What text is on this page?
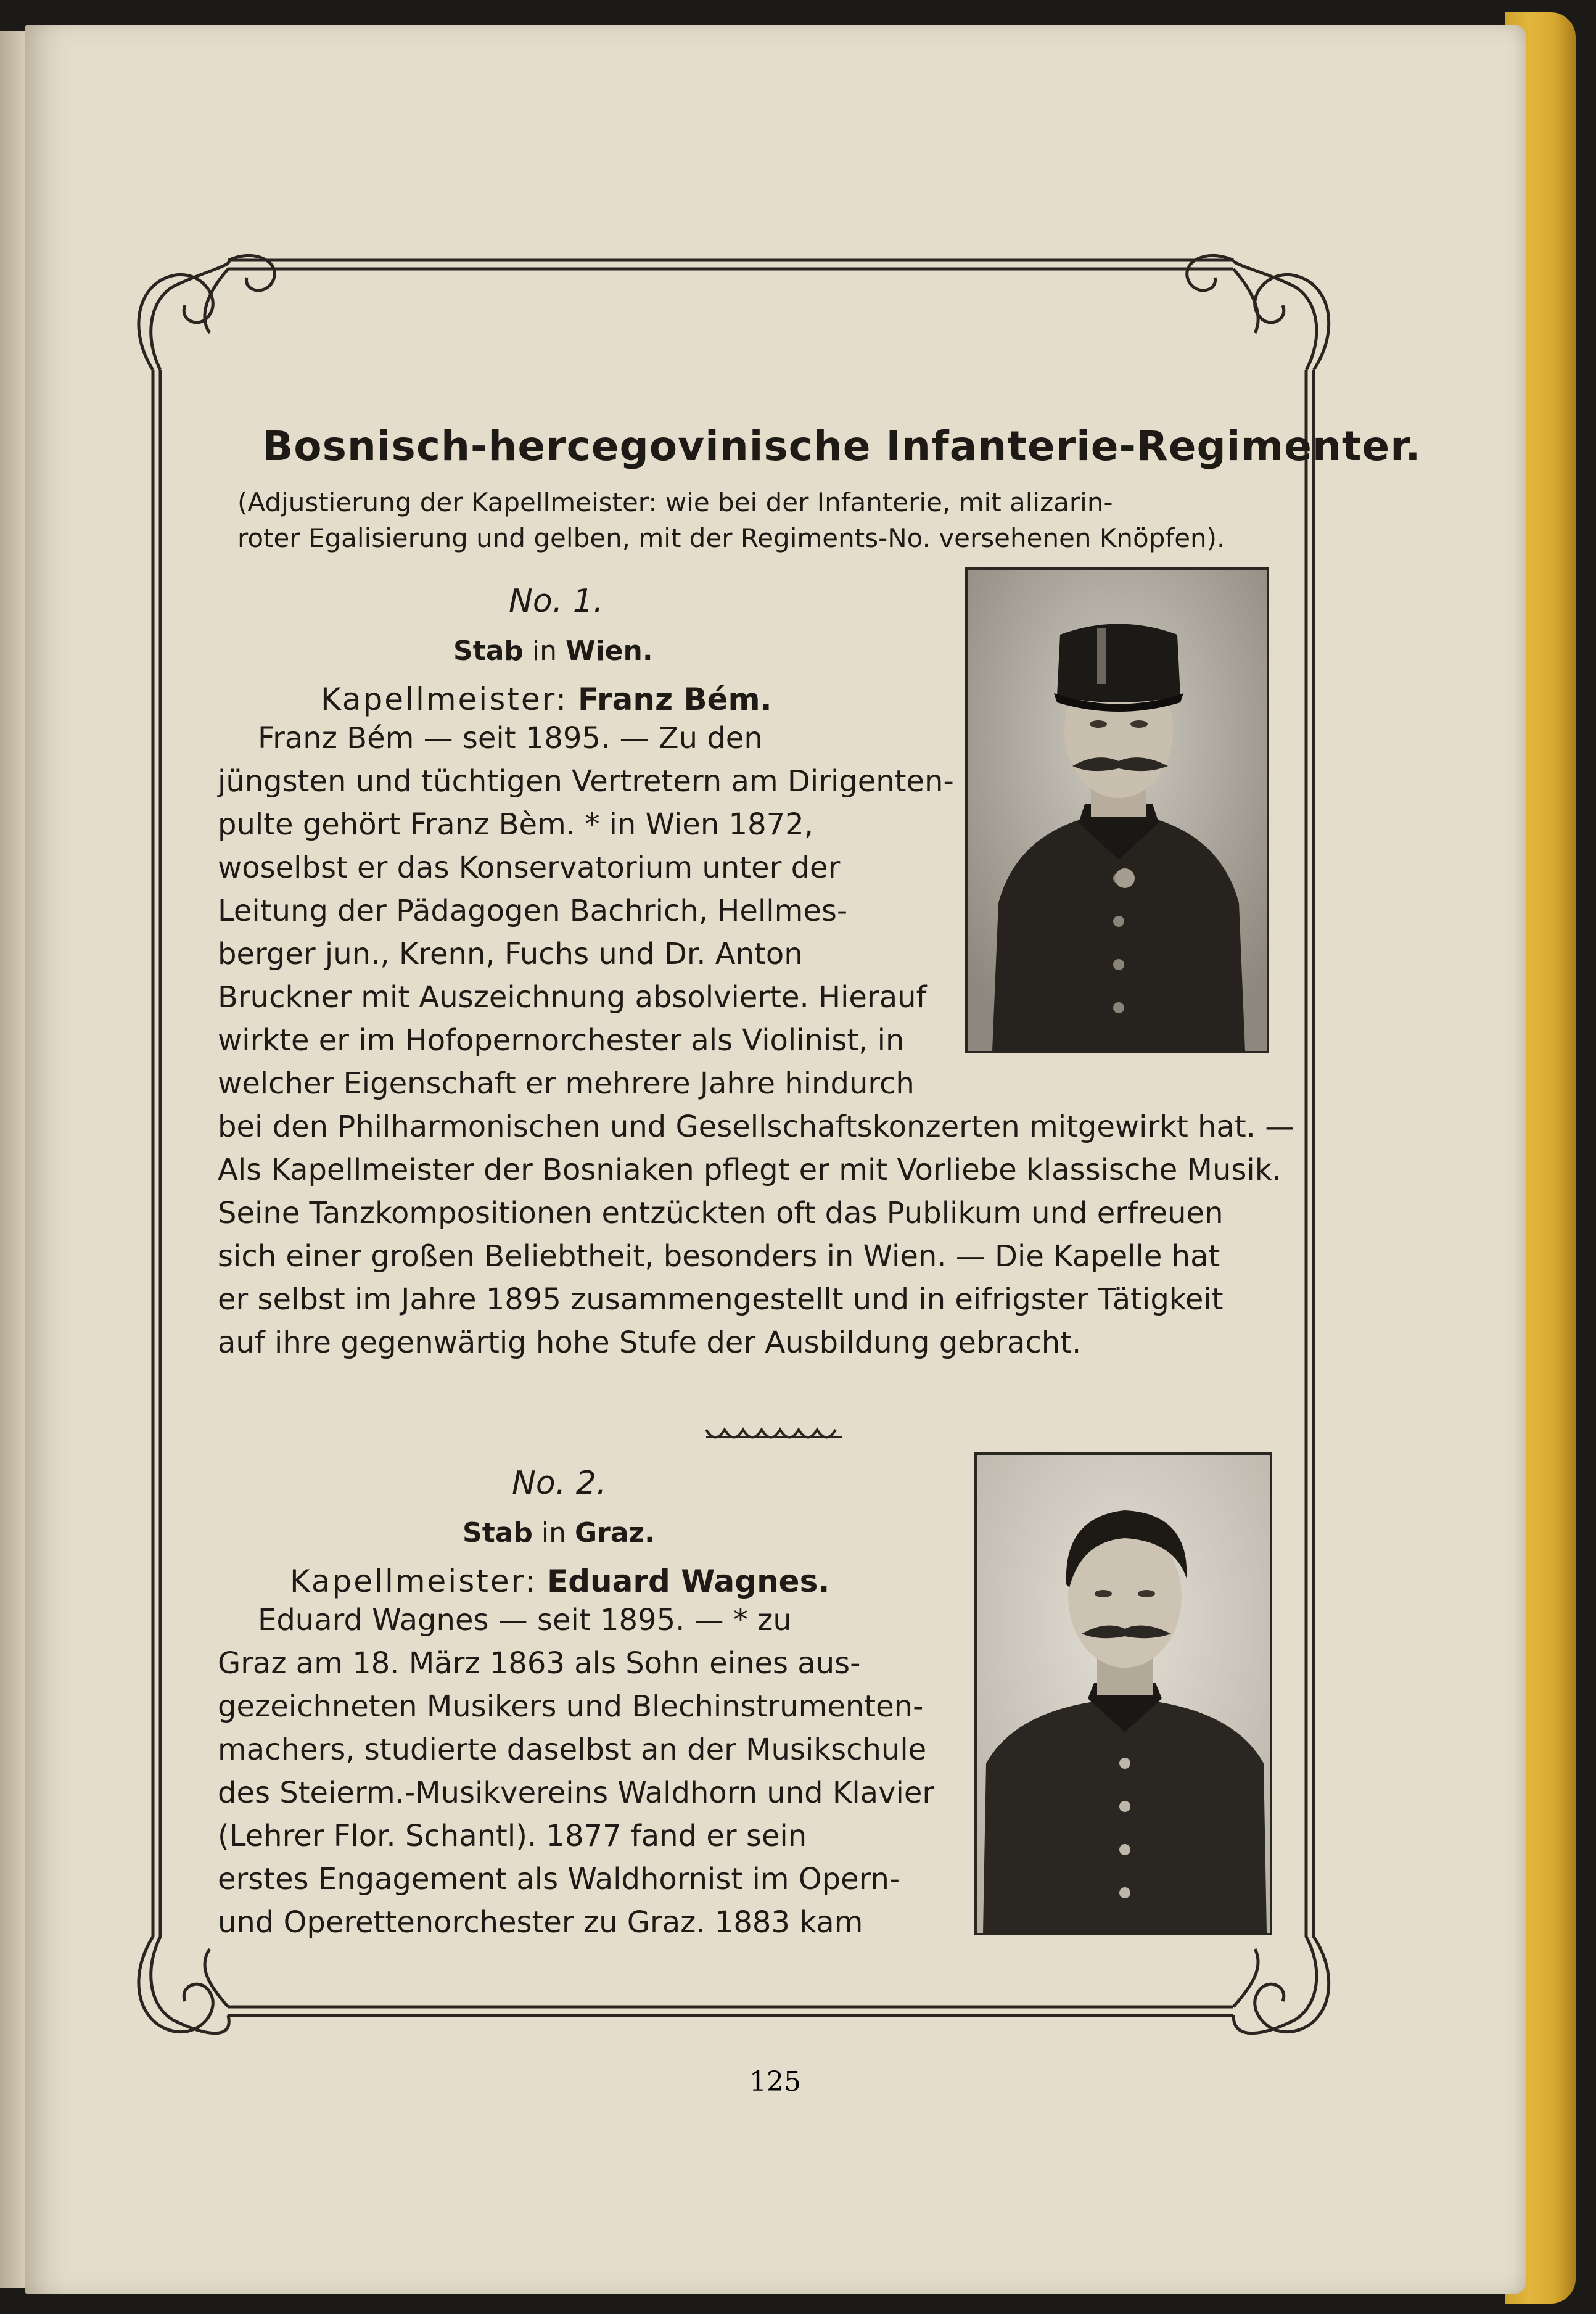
Bosnisch-hercegovinische Infanterie-Regimenter.
(Adjustierung der Kapellmeister: wie bei der Infanterie, mit alizarin-
roter Egalisierung und gelben, mit der Regiments-No. versehenen Knöpfen).
No. 1.
Stab in Wien.
Kapellmeister: Franz Bém.
Franz Bém — seit 1895. — Zu den
jüngsten und tüchtigen Vertretern am Dirigenten-
pulte gehört Franz Bèm. * in Wien 1872,
woselbst er das Konservatorium unter der
Leitung der Pädagogen Bachrich, Hellmes-
berger jun., Krenn, Fuchs und Dr. Anton
Bruckner mit Auszeichnung absolvierte. Hierauf
wirkte er im Hofopernorchester als Violinist, in
welcher Eigenschaft er mehrere Jahre hindurch
bei den Philharmonischen und Gesellschaftskonzerten mitgewirkt hat. —
Als Kapellmeister der Bosniaken pflegt er mit Vorliebe klassische Musik.
Seine Tanzkompositionen entzückten oft das Publikum und erfreuen
sich einer großen Beliebtheit, besonders in Wien. — Die Kapelle hat
er selbst im Jahre 1895 zusammengestellt und in eifrigster Tätigkeit
auf ihre gegenwärtig hohe Stufe der Ausbildung gebracht.
No. 2.
Stab in Graz.
Kapellmeister: Eduard Wagnes.
Eduard Wagnes — seit 1895. — * zu
Graz am 18. März 1863 als Sohn eines aus-
gezeichneten Musikers und Blechinstrumenten-
machers, studierte daselbst an der Musikschule
des Steierm.-Musikvereins Waldhorn und Klavier
(Lehrer Flor. Schantl). 1877 fand er sein
erstes Engagement als Waldhornist im Opern-
und Operettenorchester zu Graz. 1883 kam
125
